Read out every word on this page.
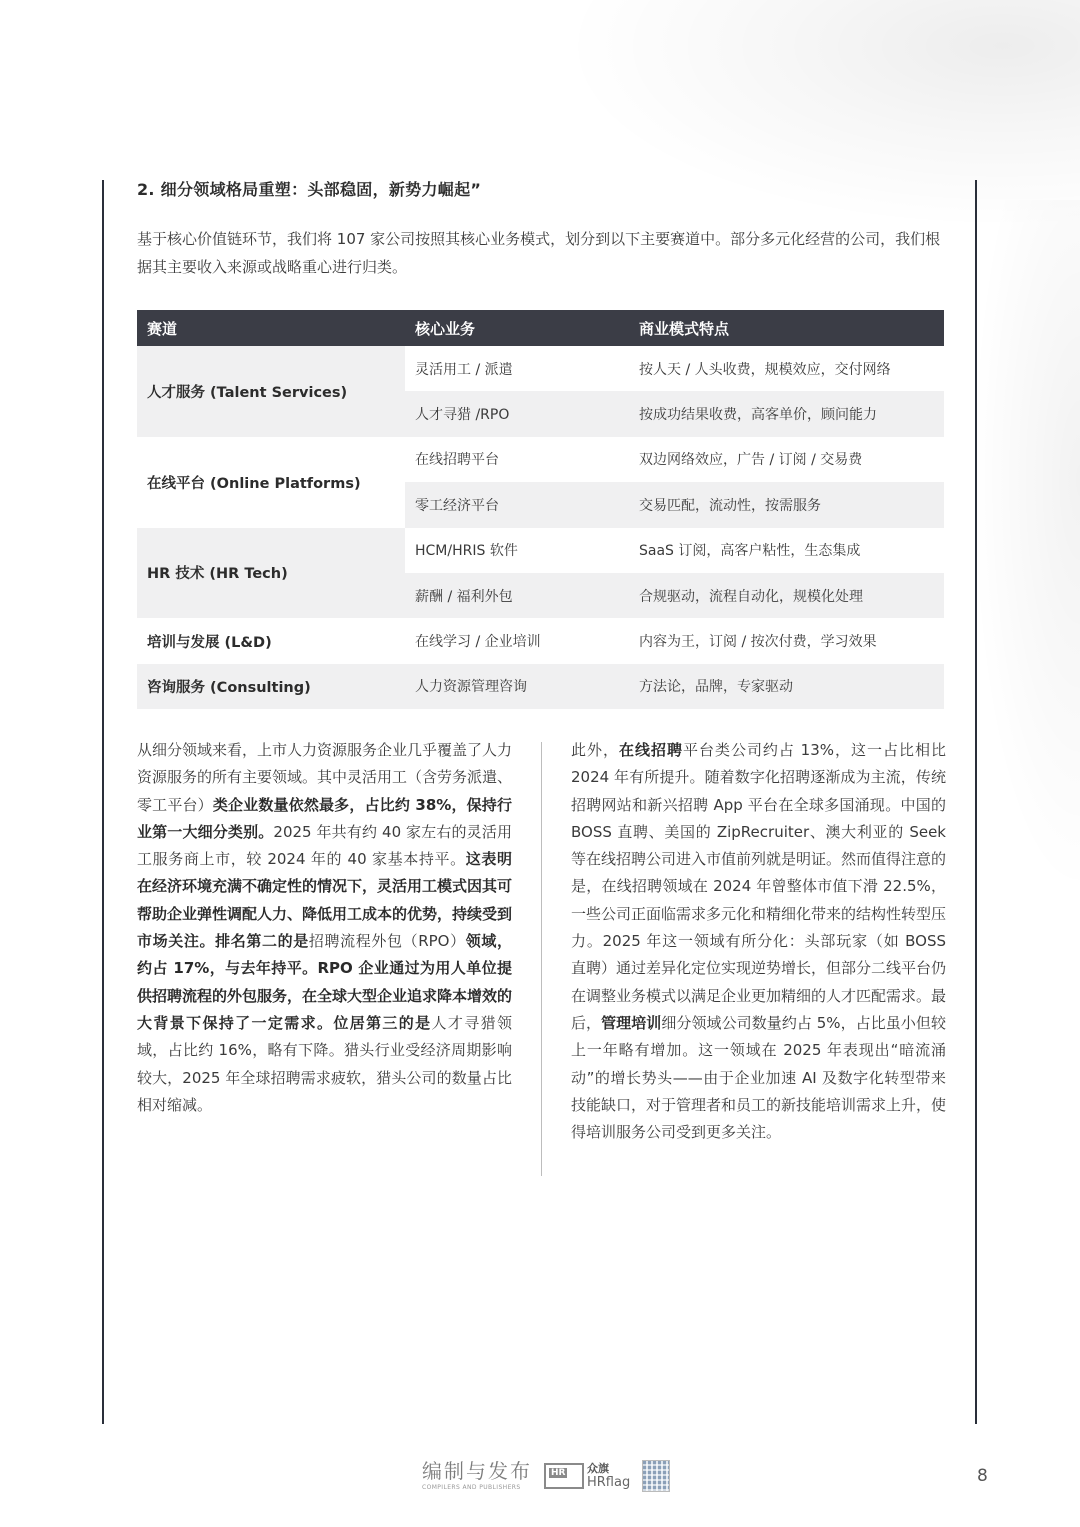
2. 细分领域格局重塑：头部稳固，新势力崛起”
基于核心价值链环节，我们将 107 家公司按照其核心业务模式，划分到以下主要赛道中。部分多元化经营的公司，我们根据其主要收入来源或战略重心进行归类。
赛道	核心业务	商业模式特点
人才服务 (Talent Services)	灵活用工 / 派遣	按人天 / 人头收费，规模效应，交付网络
	人才寻猎 /RPO	按成功结果收费，高客单价，顾问能力
在线平台 (Online Platforms)	在线招聘平台	双边网络效应，广告 / 订阅 / 交易费
	零工经济平台	交易匹配，流动性，按需服务
HR 技术 (HR Tech)	HCM/HRIS 软件	SaaS 订阅，高客户粘性，生态集成
	薪酬 / 福利外包	合规驱动，流程自动化，规模化处理
培训与发展 (L&D)	在线学习 / 企业培训	内容为王，订阅 / 按次付费，学习效果
咨询服务 (Consulting)	人力资源管理咨询	方法论，品牌，专家驱动
从细分领域来看，上市人力资源服务企业几乎覆盖了人力资源服务的所有主要领域。其中灵活用工（含劳务派遣、零工平台）类企业数量依然最多，占比约 38%，保持行业第一大细分类别。2025 年共有约 40 家左右的灵活用工服务商上市，较 2024 年的 40 家基本持平。这表明在经济环境充满不确定性的情况下，灵活用工模式因其可帮助企业弹性调配人力、降低用工成本的优势，持续受到市场关注。排名第二的是招聘流程外包（RPO）领域，约占 17%，与去年持平。RPO 企业通过为用人单位提供招聘流程的外包服务，在全球大型企业追求降本增效的大背景下保持了一定需求。位居第三的是人才寻猎领域，占比约 16%，略有下降。猎头行业受经济周期影响较大，2025 年全球招聘需求疲软，猎头公司的数量占比相对缩减。
此外，在线招聘平台类公司约占 13%，这一占比相比 2024 年有所提升。随着数字化招聘逐渐成为主流，传统招聘网站和新兴招聘 App 平台在全球多国涌现。中国的 BOSS 直聘、美国的 ZipRecruiter、澳大利亚的 Seek 等在线招聘公司进入市值前列就是明证。然而值得注意的是，在线招聘领域在 2024 年曾整体市值下滑 22.5%，一些公司正面临需求多元化和精细化带来的结构性转型压力。2025 年这一领域有所分化：头部玩家（如 BOSS 直聘）通过差异化定位实现逆势增长，但部分二线平台仍在调整业务模式以满足企业更加精细的人才匹配需求。最后，管理培训细分领域公司数量约占 5%，占比虽小但较上一年略有增加。这一领域在 2025 年表现出“暗流涌动”的增长势头——由于企业加速 AI 及数字化转型带来技能缺口，对于管理者和员工的新技能培训需求上升，使得培训服务公司受到更多关注。
编制与发布
COMPILERS AND PUBLISHERS
HR 众旗
HRflag	8
